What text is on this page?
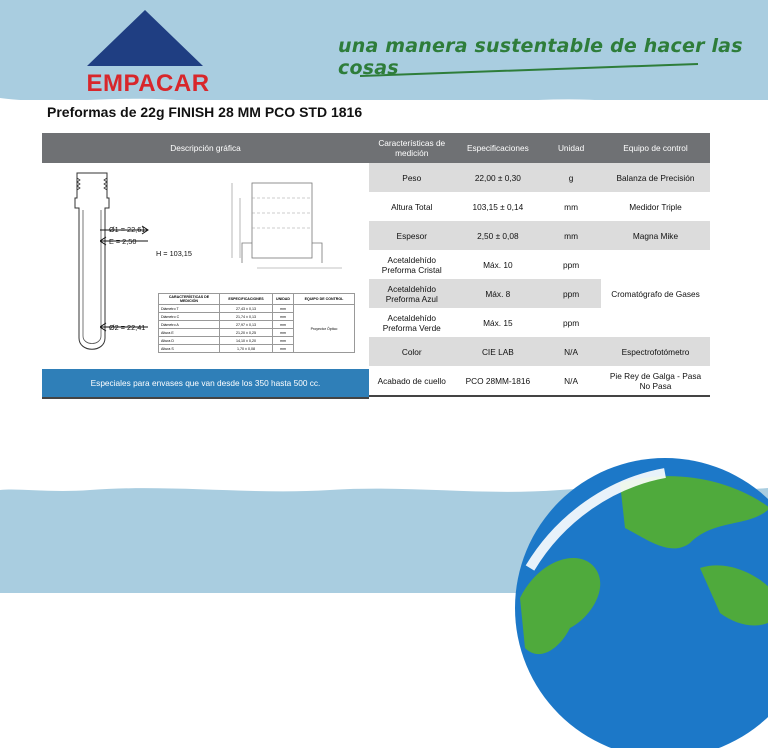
EMPACAR
una manera sustentable de hacer las cosas
Preformas de 22g FINISH 28 MM PCO STD 1816
Descripción gráfica
Ø1 = 22,61
E = 2,50
H = 103,15
Ø2 = 22,41
CARACTERÍSTICAS DE MEDICIÓN	ESPECIFICACIONES	UNIDAD	EQUIPO DE CONTROL
Diámetro T	27,43 ± 0,13	mm	Proyector Óptico
Diámetro C	21,74 ± 0,13	mm	
Diámetro A	27,97 ± 0,13	mm	
Altura E	21,20 ± 0,25	mm	
Altura D	14,10 ± 0,20	mm	
Altura S	1,70 ± 0,08	mm	
Especiales para envases que van desde los 350 hasta 500 cc.
Características de medición	Especificaciones	Unidad	Equipo de control
Peso	22,00 ± 0,30	g	Balanza de Precisión
Altura Total	103,15 ± 0,14	mm	Medidor Triple
Espesor	2,50 ± 0,08	mm	Magna Mike
Acetaldehído Preforma Cristal	Máx. 10	ppm	Cromatógrafo de Gases
Acetaldehído Preforma Azul	Máx. 8	ppm	
Acetaldehído Preforma Verde	Máx. 15	ppm	
Color	CIE LAB	N/A	Espectrofotómetro
Acabado de cuello	PCO 28MM-1816	N/A	Pie Rey de Galga - Pasa No Pasa
